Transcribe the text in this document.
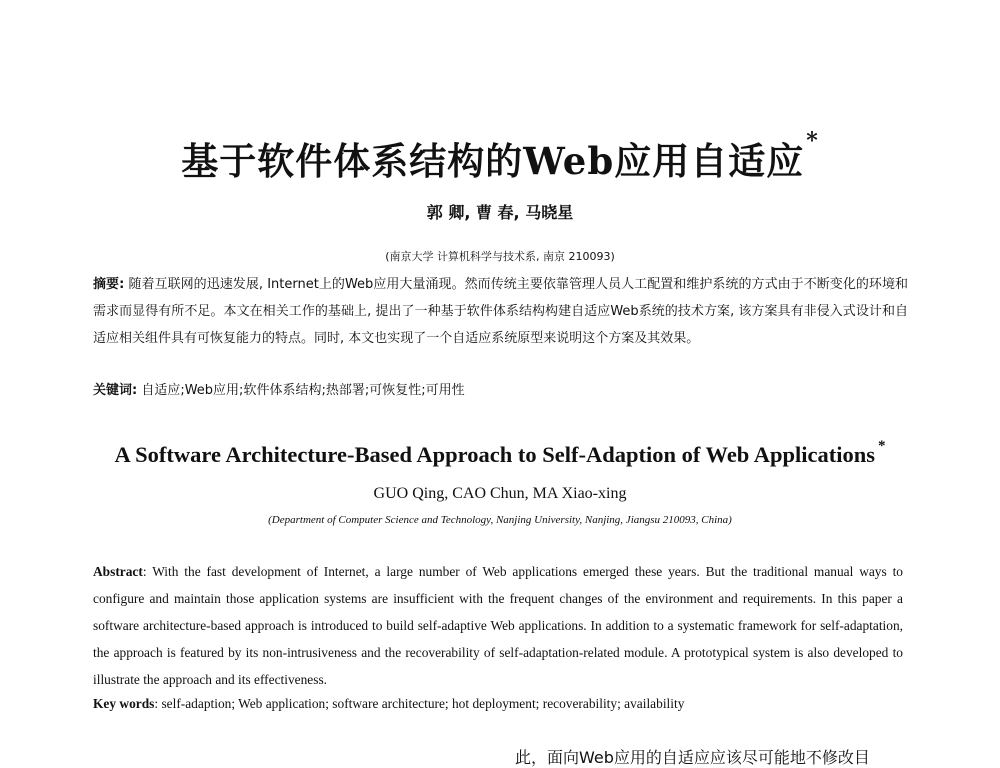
基于软件体系结构的Web应用自适应*
郭 卿, 曹 春, 马晓星
(南京大学 计算机科学与技术系, 南京 210093)
摘要: 随着互联网的迅速发展, Internet上的Web应用大量涌现。然而传统主要依靠管理人员人工配置和维护系统的方式由于不断变化的环境和需求而显得有所不足。本文在相关工作的基础上, 提出了一种基于软件体系结构构建自适应Web系统的技术方案, 该方案具有非侵入式设计和自适应相关组件具有可恢复能力的特点。同时, 本文也实现了一个自适应系统原型来说明这个方案及其效果。
关键词: 自适应;Web应用;软件体系结构;热部署;可恢复性;可用性
A Software Architecture-Based Approach to Self-Adaption of Web Applications *
GUO Qing, CAO Chun, MA Xiao-xing
(Department of Computer Science and Technology, Nanjing University, Nanjing, Jiangsu 210093, China)
Abstract: With the fast development of Internet, a large number of Web applications emerged these years. But the traditional manual ways to configure and maintain those application systems are insufficient with the frequent changes of the environment and requirements. In this paper a software architecture-based approach is introduced to build self-adaptive Web applications. In addition to a systematic framework for self-adaptation, the approach is featured by its non-intrusiveness and the recoverability of self-adaptation-related module. A prototypical system is also developed to illustrate the approach and its effectiveness.
Key words: self-adaption; Web application; software architecture; hot deployment; recoverability; availability
此，面向Web应用的自适应应该尽可能地不修改目
